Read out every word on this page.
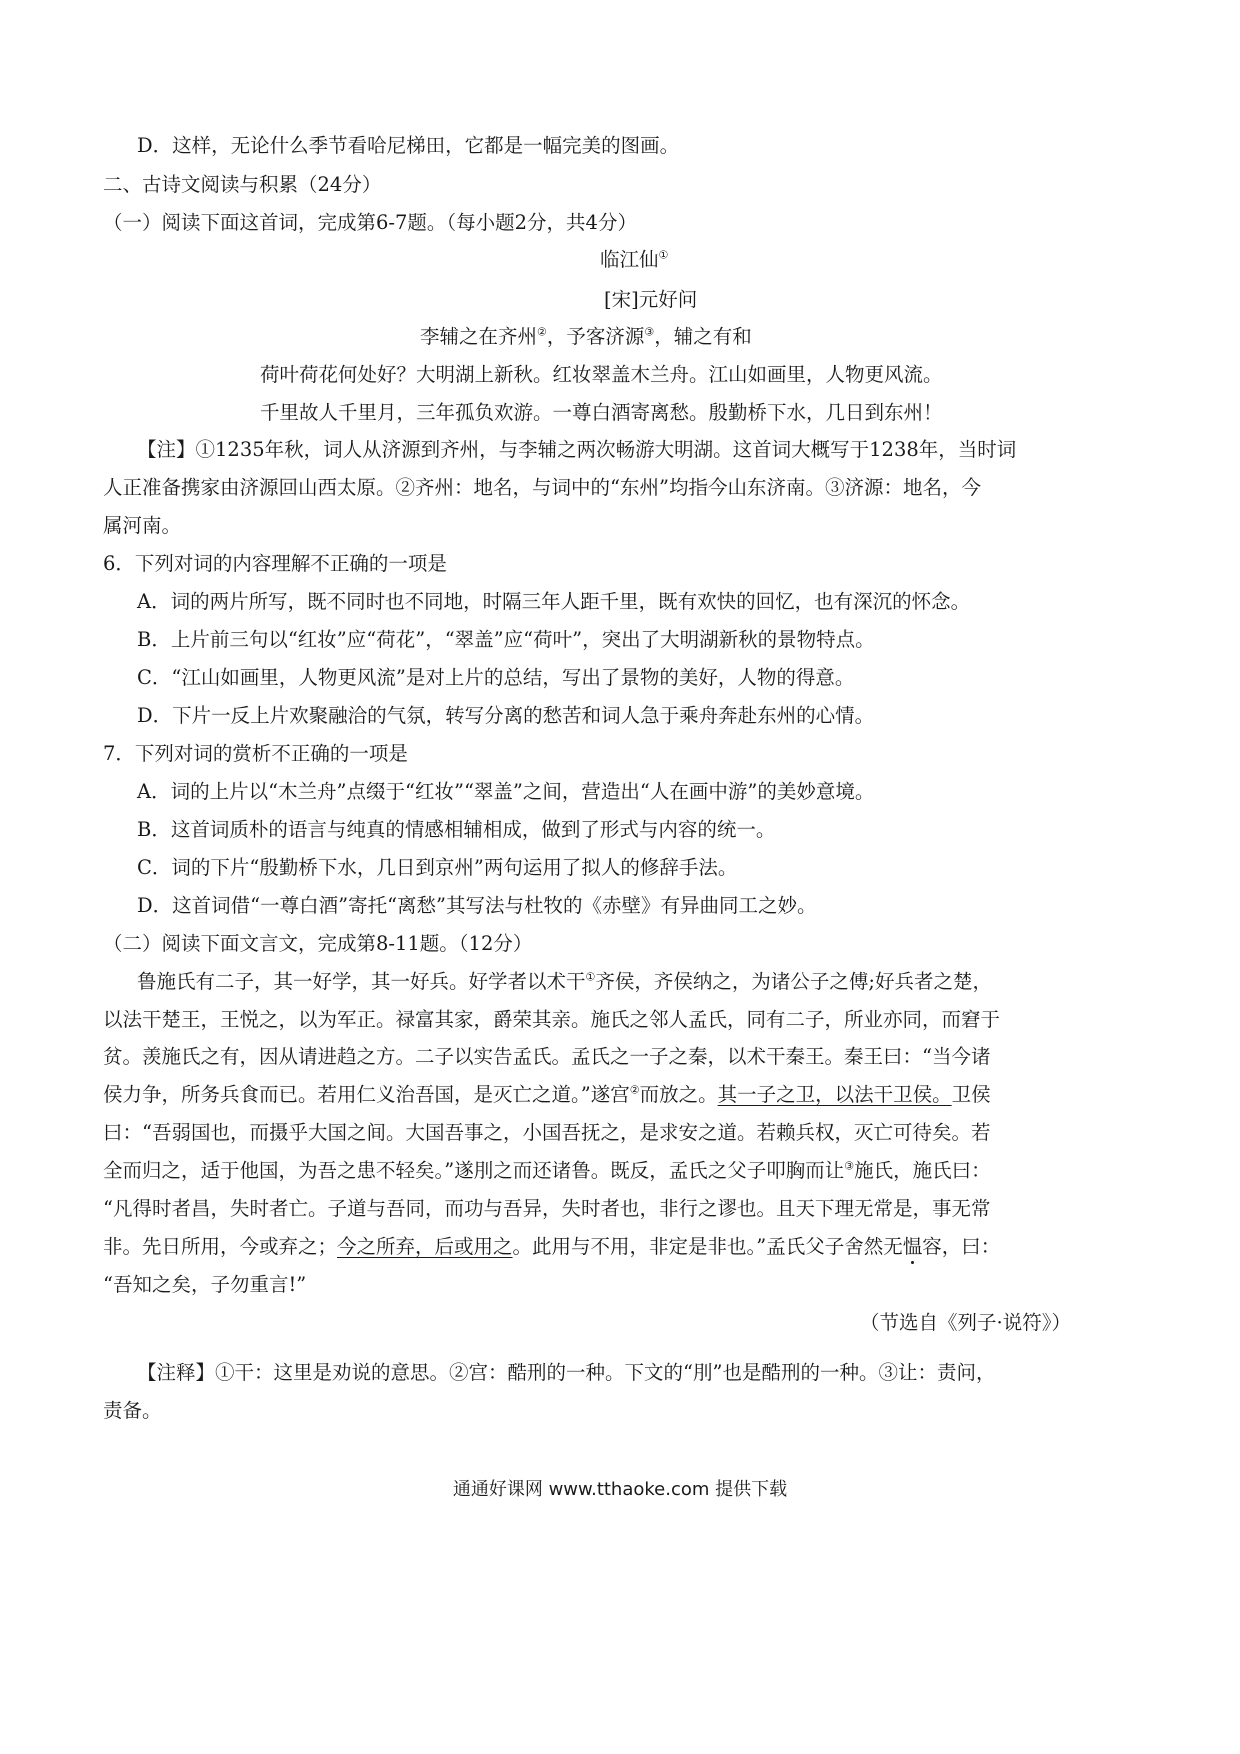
D．这样，无论什么季节看哈尼梯田，它都是一幅完美的图画。
二、古诗文阅读与积累（24分）
（一）阅读下面这首词，完成第6-7题。（每小题2分，共4分）
临江仙①
[宋]元好问
李辅之在齐州②，予客济源③，辅之有和
荷叶荷花何处好？大明湖上新秋。红妆翠盖木兰舟。江山如画里，人物更风流。
千里故人千里月，三年孤负欢游。一尊白酒寄离愁。殷勤桥下水，几日到东州！
【注】①1235年秋，词人从济源到齐州，与李辅之两次畅游大明湖。这首词大概写于1238年，当时词
人正准备携家由济源回山西太原。②齐州：地名，与词中的“东州”均指今山东济南。③济源：地名，今
属河南。
6．下列对词的内容理解不正确的一项是
A．词的两片所写，既不同时也不同地，时隔三年人距千里，既有欢快的回忆，也有深沉的怀念。
B．上片前三句以“红妆”应“荷花”，“翠盖”应“荷叶”，突出了大明湖新秋的景物特点。
C．“江山如画里，人物更风流”是对上片的总结，写出了景物的美好，人物的得意。
D．下片一反上片欢聚融洽的气氛，转写分离的愁苦和词人急于乘舟奔赴东州的心情。
7．下列对词的赏析不正确的一项是
A．词的上片以“木兰舟”点缀于“红妆”“翠盖”之间，营造出“人在画中游”的美妙意境。
B．这首词质朴的语言与纯真的情感相辅相成，做到了形式与内容的统一。
C．词的下片“殷勤桥下水，几日到京州”两句运用了拟人的修辞手法。
D．这首词借“一尊白酒”寄托“离愁”其写法与杜牧的《赤壁》有异曲同工之妙。
（二）阅读下面文言文，完成第8-11题。（12分）
鲁施氏有二子，其一好学，其一好兵。好学者以术干①齐侯，齐侯纳之，为诸公子之傅;好兵者之楚，
以法干楚王，王悦之，以为军正。禄富其家，爵荣其亲。施氏之邻人孟氏，同有二子，所业亦同，而窘于
贫。羡施氏之有，因从请进趋之方。二子以实告孟氏。孟氏之一子之秦，以术干秦王。秦王曰：“当今诸
侯力争，所务兵食而已。若用仁义治吾国，是灭亡之道。”遂宫②而放之。其一子之卫，以法干卫侯。卫侯
曰：“吾弱国也，而摄乎大国之间。大国吾事之，小国吾抚之，是求安之道。若赖兵权，灭亡可待矣。若
全而归之，适于他国，为吾之患不轻矣。”遂刖之而还诸鲁。既反，孟氏之父子叩胸而让③施氏，施氏曰：
“凡得时者昌，失时者亡。子道与吾同，而功与吾异，失时者也，非行之谬也。且天下理无常是，事无常
非。先日所用，今或弃之；今之所弃，后或用之。此用与不用，非定是非也。”孟氏父子舍然无愠容，曰：
“吾知之矣，子勿重言!”
（节选自《列子·说符》）
【注释】①干：这里是劝说的意思。②宫：酷刑的一种。下文的“刖”也是酷刑的一种。③让：责问，
责备。
通通好课网 www.tthaoke.com 提供下载
